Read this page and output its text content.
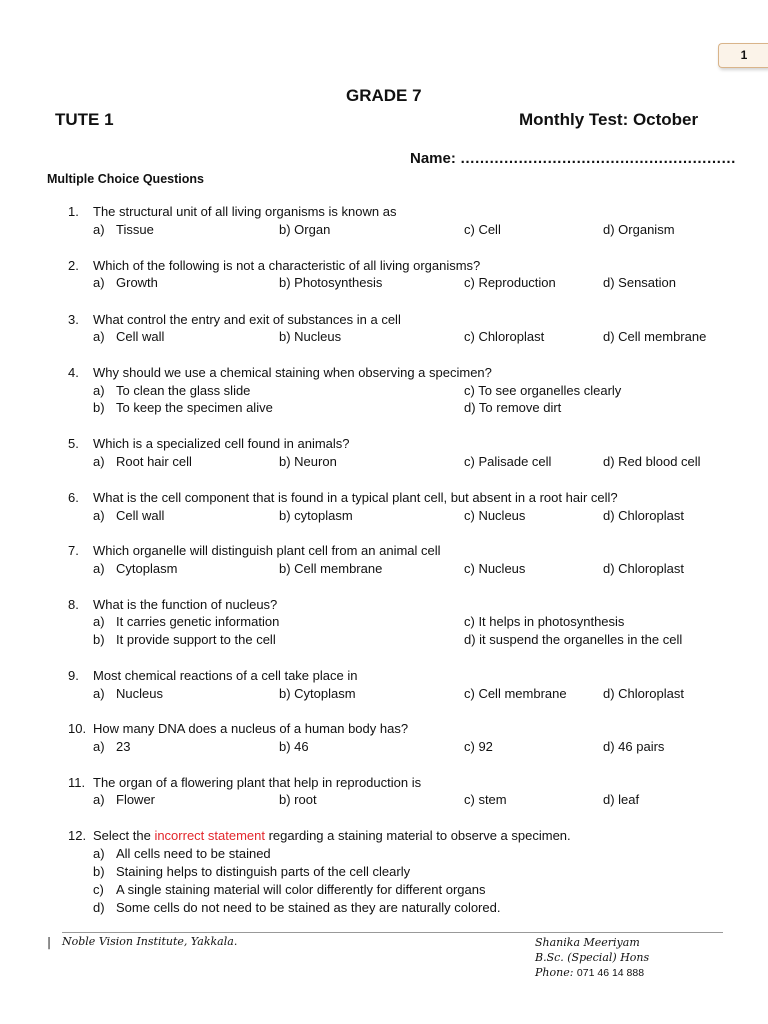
1
GRADE 7
TUTE 1	Monthly Test: October
Name: …………………………………………………
Multiple Choice Questions
1.	The structural unit of all living organisms is known as
a) Tissue	b) Organ	c) Cell	d) Organism
2.	Which of the following is not a characteristic of all living organisms?
a) Growth	b) Photosynthesis	c) Reproduction	d) Sensation
3.	What control the entry and exit of substances in a cell
a) Cell wall	b) Nucleus	c) Chloroplast	d) Cell membrane
4.	Why should we use a chemical staining when observing a specimen?
a) To clean the glass slide	c) To see organelles clearly
b) To keep the specimen alive	d) To remove dirt
5.	Which is a specialized cell found in animals?
a) Root hair cell	b) Neuron	c) Palisade cell	d) Red blood cell
6.	What is the cell component that is found in a typical plant cell, but absent in a root hair cell?
a) Cell wall	b) cytoplasm	c) Nucleus	d) Chloroplast
7.	Which organelle will distinguish plant cell from an animal cell
a) Cytoplasm	b) Cell membrane	c) Nucleus	d) Chloroplast
8.	What is the function of nucleus?
a) It carries genetic information	c) It helps in photosynthesis
b) It provide support to the cell	d) it suspend the organelles in the cell
9.	Most chemical reactions of a cell take place in
a) Nucleus	b) Cytoplasm	c) Cell membrane	d) Chloroplast
10. How many DNA does a nucleus of a human body has?
a) 23	b) 46	c) 92	d) 46 pairs
11. The organ of a flowering plant that help in reproduction is
a) Flower	b) root	c) stem	d) leaf
12. Select the incorrect statement regarding a staining material to observe a specimen.
a) All cells need to be stained
b) Staining helps to distinguish parts of the cell clearly
c) A single staining material will color differently for different organs
d) Some cells do not need to be stained as they are naturally colored.
| Noble Vision Institute, Yakkala.	Shanika Meeriyam
B.Sc. (Special) Hons
Phone: 071 46 14 888
